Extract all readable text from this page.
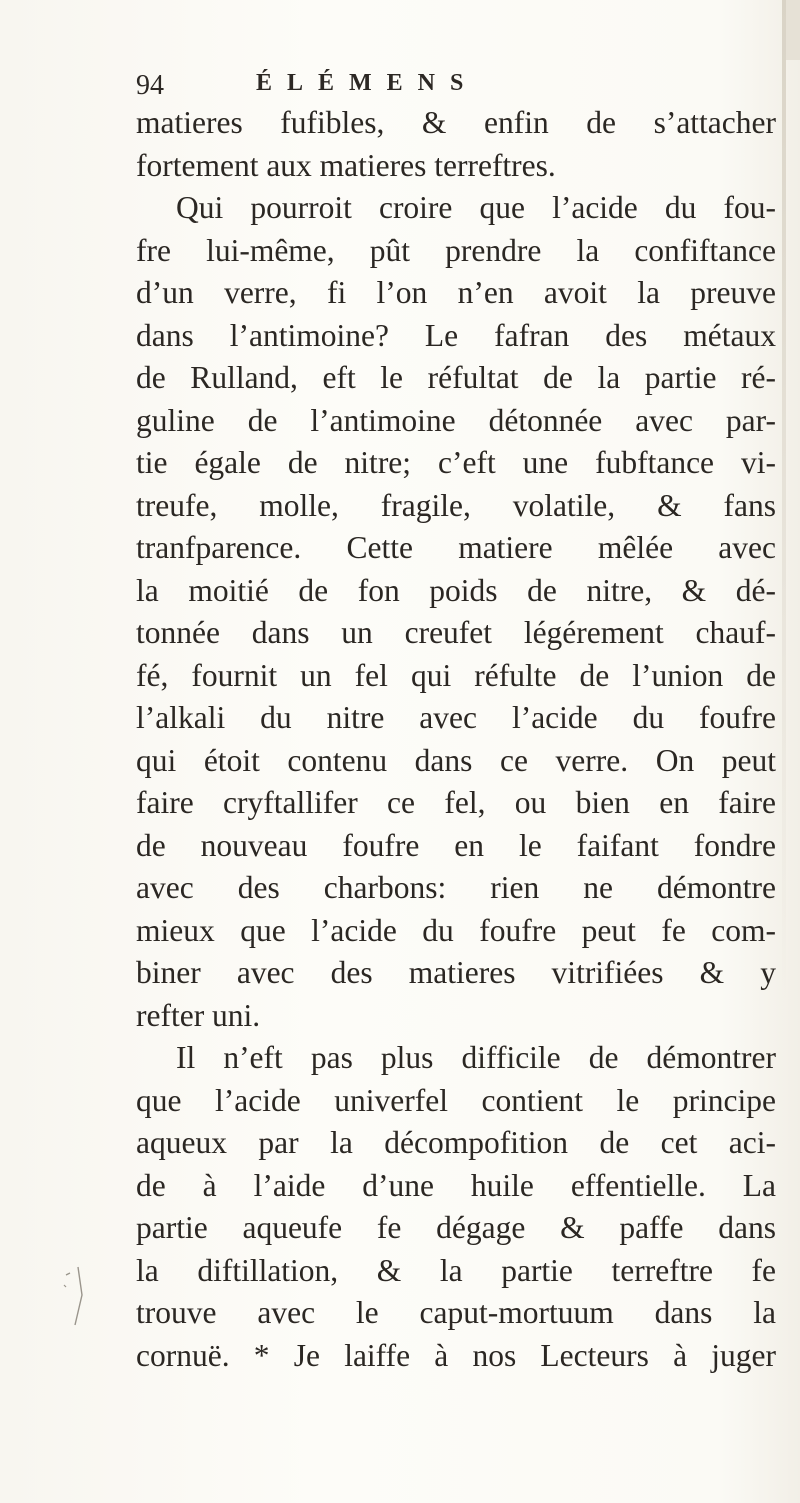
94	ÉLÉMENS
matieres fufibles, & enfin de s’attacher
fortement aux matieres terreftres.
Qui pourroit croire que l’acide du fou-
fre lui-même, pût prendre la confiftance
d’un verre, fi l’on n’en avoit la preuve
dans l’antimoine? Le fafran des métaux
de Rulland, eft le réfultat de la partie ré-
guline de l’antimoine détonnée avec par-
tie égale de nitre; c’eft une fubftance vi-
treufe, molle, fragile, volatile, & fans
tranfparence. Cette matiere mêlée avec
la moitié de fon poids de nitre, & dé-
tonnée dans un creufet légérement chauf-
fé, fournit un fel qui réfulte de l’union de
l’alkali du nitre avec l’acide du foufre
qui étoit contenu dans ce verre. On peut
faire cryftallifer ce fel, ou bien en faire
de nouveau foufre en le faifant fondre
avec des charbons: rien ne démontre
mieux que l’acide du foufre peut fe com-
biner avec des matieres vitrifiées & y
refter uni.
Il n’eft pas plus difficile de démontrer
que l’acide univerfel contient le principe
aqueux par la décompofition de cet aci-
de à l’aide d’une huile effentielle. La
partie aqueufe fe dégage & paffe dans
la diftillation, & la partie terreftre fe
trouve avec le caput-mortuum dans la
cornuë. * Je laiffe à nos Lecteurs à juger
